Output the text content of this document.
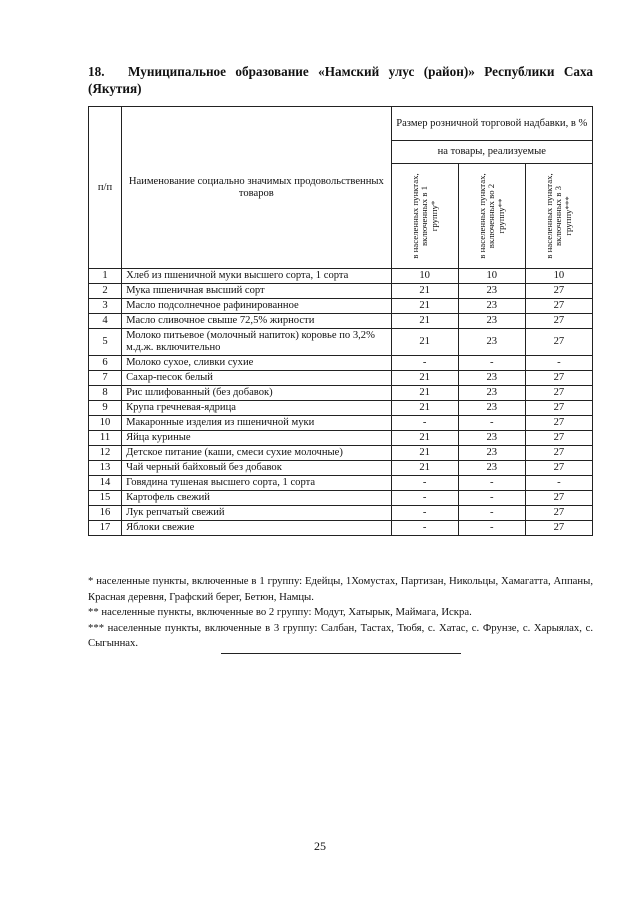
18. Муниципальное образование «Намский улус (район)» Республики Саха
(Якутия)
п/п	Наименование социально значимых продовольственных товаров	Размер розничной торговой надбавки, в %		
		на товары, реализуемые		

		в населенных пунктах, включенных в 1 группу*	в населенных пунктах, включенных во 2 группу**	в населенных пунктах, включенных в 3 группу***

1	Хлеб из пшеничной муки высшего сорта, 1 сорта	10	10	10
2	Мука пшеничная высший сорт	21	23	27
3	Масло подсолнечное рафинированное	21	23	27
4	Масло сливочное свыше 72,5% жирности	21	23	27
5	Молоко питьевое (молочный напиток) коровье по 3,2% м.д.ж. включительно	21	23	27
6	Молоко сухое, сливки сухие	-	-	-
7	Сахар-песок белый	21	23	27
8	Рис шлифованный (без добавок)	21	23	27
9	Крупа гречневая-ядрица	21	23	27
10	Макаронные изделия из пшеничной муки	-	-	27
11	Яйца куриные	21	23	27
12	Детское питание (каши, смеси сухие молочные)	21	23	27
13	Чай черный байховый без добавок	21	23	27
14	Говядина тушеная высшего сорта, 1 сорта	-	-	-
15	Картофель свежий	-	-	27
16	Лук репчатый свежий	-	-	27
17	Яблоки свежие	-	-	27

* населенные пункты, включенные в 1 группу: Едейцы, 1Хомустах, Партизан, Никольцы, Хамагатта, Аппаны, Красная деревня, Графский берег, Бетюн, Намцы.

** населенные пункты, включенные во 2 группу: Модут, Хатырык, Маймага, Искра.

*** населенные пункты, включенные в 3 группу: Салбан, Тастах, Тюбя, с. Хатас, с. Фрунзе, с. Харыялах, с. Сыгыннах.

25
